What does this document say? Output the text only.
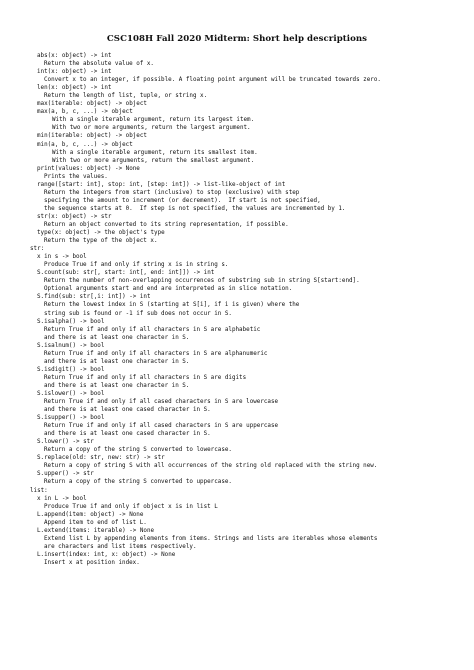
CSC108H Fall 2020 Midterm: Short help descriptions
abs(x: object) -> int
Return the absolute value of x.
int(x: object) -> int
Convert x to an integer, if possible. A floating point argument will be truncated towards zero.
len(x: object) -> int
Return the length of list, tuple, or string x.
max(iterable: object) -> object
max(a, b, c, ...) -> object
With a single iterable argument, return its largest item.
With two or more arguments, return the largest argument.
min(iterable: object) -> object
min(a, b, c, ...) -> object
With a single iterable argument, return its smallest item.
With two or more arguments, return the smallest argument.
print(values: object) -> None
Prints the values.
range([start: int], stop: int, [step: int]) -> list-like-object of int
Return the integers from start (inclusive) to stop (exclusive) with step
specifying the amount to increment (or decrement).  If start is not specified,
the sequence starts at 0.  If step is not specified, the values are incremented by 1.
str(x: object) -> str
Return an object converted to its string representation, if possible.
type(x: object) -> the object's type
Return the type of the object x.
str:
x in s -> bool
Produce True if and only if string x is in string s.
S.count(sub: str[, start: int[, end: int]]) -> int
Return the number of non-overlapping occurrences of substring sub in string S[start:end].
Optional arguments start and end are interpreted as in slice notation.
S.find(sub: str[,i: int]) -> int
Return the lowest index in S (starting at S[i], if i is given) where the
string sub is found or -1 if sub does not occur in S.
S.isalpha() -> bool
Return True if and only if all characters in S are alphabetic
and there is at least one character in S.
S.isalnum() -> bool
Return True if and only if all characters in S are alphanumeric
and there is at least one character in S.
S.isdigit() -> bool
Return True if and only if all characters in S are digits
and there is at least one character in S.
S.islower() -> bool
Return True if and only if all cased characters in S are lowercase
and there is at least one cased character in S.
S.isupper() -> bool
Return True if and only if all cased characters in S are uppercase
and there is at least one cased character in S.
S.lower() -> str
Return a copy of the string S converted to lowercase.
S.replace(old: str, new: str) -> str
Return a copy of string S with all occurrences of the string old replaced with the string new.
S.upper() -> str
Return a copy of the string S converted to uppercase.
list:
x in L -> bool
Produce True if and only if object x is in list L
L.append(item: object) -> None
Append item to end of list L.
L.extend(items: iterable) -> None
Extend list L by appending elements from items. Strings and lists are iterables whose elements
are characters and list items respectively.
L.insert(index: int, x: object) -> None
Insert x at position index.
